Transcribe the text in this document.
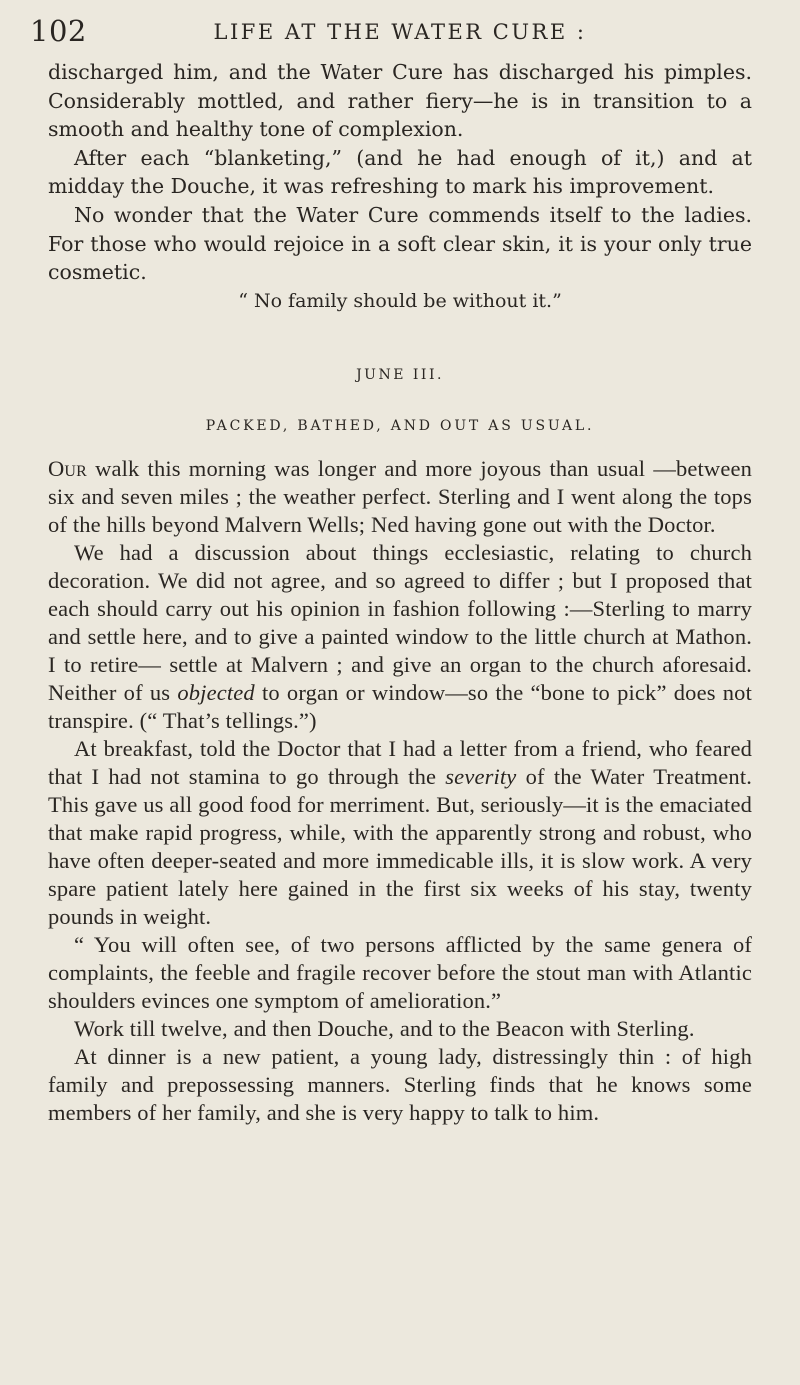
102	LIFE AT THE WATER CURE :

discharged him, and the Water Cure has discharged his pimples. Considerably mottled, and rather fiery—he is in transition to a smooth and healthy tone of complexion.

After each “blanketing,” (and he had enough of it,) and at midday the Douche, it was refreshing to mark his improvement.

No wonder that the Water Cure commends itself to the ladies. For those who would rejoice in a soft clear skin, it is your only true cosmetic.

“ No family should be without it.”

JUNE III.
PACKED, BATHED, AND OUT AS USUAL.

Our walk this morning was longer and more joyous than usual —between six and seven miles ; the weather perfect. Sterling and I went along the tops of the hills beyond Malvern Wells; Ned having gone out with the Doctor.

We had a discussion about things ecclesiastic, relating to church decoration. We did not agree, and so agreed to differ ; but I proposed that each should carry out his opinion in fashion following :—Sterling to marry and settle here, and to give a painted window to the little church at Mathon. I to retire— settle at Malvern ; and give an organ to the church aforesaid. Neither of us objected to organ or window—so the “bone to pick” does not transpire. (“ That’s tellings.”)

At breakfast, told the Doctor that I had a letter from a friend, who feared that I had not stamina to go through the severity of the Water Treatment. This gave us all good food for merriment. But, seriously—it is the emaciated that make rapid progress, while, with the apparently strong and robust, who have often deeper-seated and more immedicable ills, it is slow work. A very spare patient lately here gained in the first six weeks of his stay, twenty pounds in weight.

“ You will often see, of two persons afflicted by the same genera of complaints, the feeble and fragile recover before the stout man with Atlantic shoulders evinces one symptom of amelioration.”

Work till twelve, and then Douche, and to the Beacon with Sterling.

At dinner is a new patient, a young lady, distressingly thin : of high family and prepossessing manners. Sterling finds that he knows some members of her family, and she is very happy to talk to him.
